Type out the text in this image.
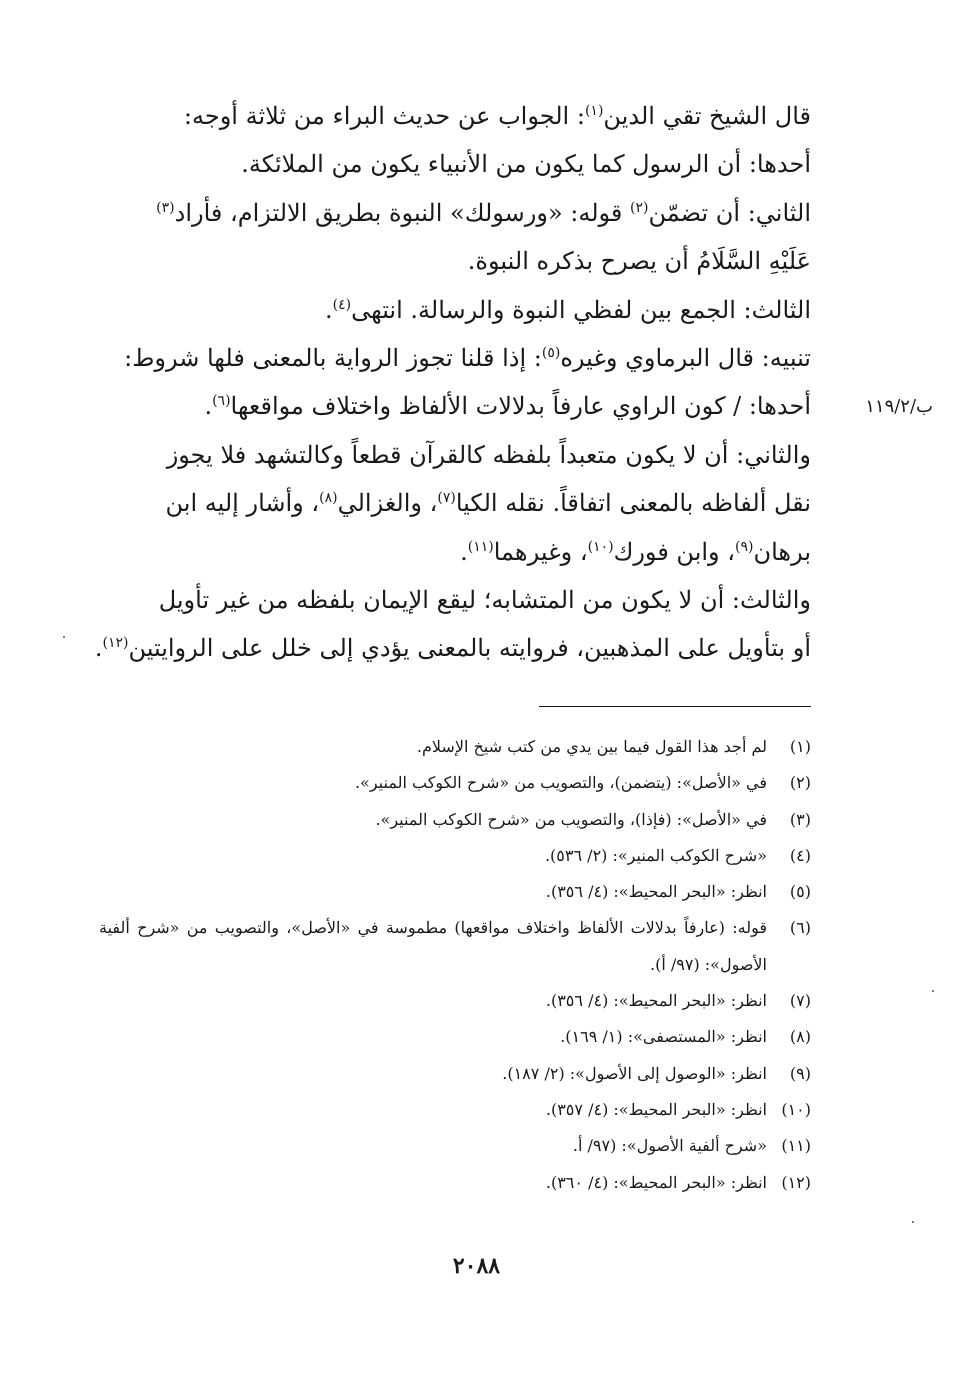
ب/١١٩/٢
قال الشيخ تقي الدين$^{(١)}$: الجواب عن حديث البراء من ثلاثة أوجه:
أحدها: أن الرسول كما يكون من الأنبياء يكون من الملائكة.
الثاني: أن تضمّن$^{(٢)}$ قوله: «ورسولك» النبوة بطريق الالتزام، فأراد$^{(٣)}$
عَلَيْهِ السَّلَامُ أن يصرح بذكره النبوة.
الثالث: الجمع بين لفظي النبوة والرسالة. انتهى$^{(٤)}$.
تنبيه: قال البرماوي وغيره$^{(٥)}$: إذا قلنا تجوز الرواية بالمعنى فلها شروط:
أحدها: / كون الراوي عارفاً بدلالات الألفاظ واختلاف مواقعها$^{(٦)}$.
والثاني: أن لا يكون متعبداً بلفظه كالقرآن قطعاً وكالتشهد فلا يجوز
نقل ألفاظه بالمعنى اتفاقاً. نقله الكيا$^{(٧)}$، والغزالي$^{(٨)}$، وأشار إليه ابن
برهان$^{(٩)}$، وابن فورك$^{(١٠)}$، وغيرهما$^{(١١)}$.
والثالث: أن لا يكون من المتشابه؛ ليقع الإيمان بلفظه من غير تأويل
أو بتأويل على المذهبين، فروايته بالمعنى يؤدي إلى خلل على الروايتين$^{(١٢)}$.
(١)
لم أجد هذا القول فيما بين يدي من كتب شيخ الإسلام.
(٢)
في «الأصل»: (يتضمن)، والتصويب من «شرح الكوكب المنير».
(٣)
في «الأصل»: (فإذا)، والتصويب من «شرح الكوكب المنير».
(٤)
«شرح الكوكب المنير»: (٢/ ٥٣٦).
(٥)
انظر: «البحر المحيط»: (٤/ ٣٥٦).
(٦)
قوله: (عارفاً بدلالات الألفاظ واختلاف مواقعها) مطموسة في «الأصل»، والتصويب من «شرح ألفية الأصول»: (٩٧/ أ).
(٧)
انظر: «البحر المحيط»: (٤/ ٣٥٦).
(٨)
انظر: «المستصفى»: (١/ ١٦٩).
(٩)
انظر: «الوصول إلى الأصول»: (٢/ ١٨٧).
(١٠)
انظر: «البحر المحيط»: (٤/ ٣٥٧).
(١١)
«شرح ألفية الأصول»: (٩٧/ أ.
(١٢)
انظر: «البحر المحيط»: (٤/ ٣٦٠).
٢٠٨٨
